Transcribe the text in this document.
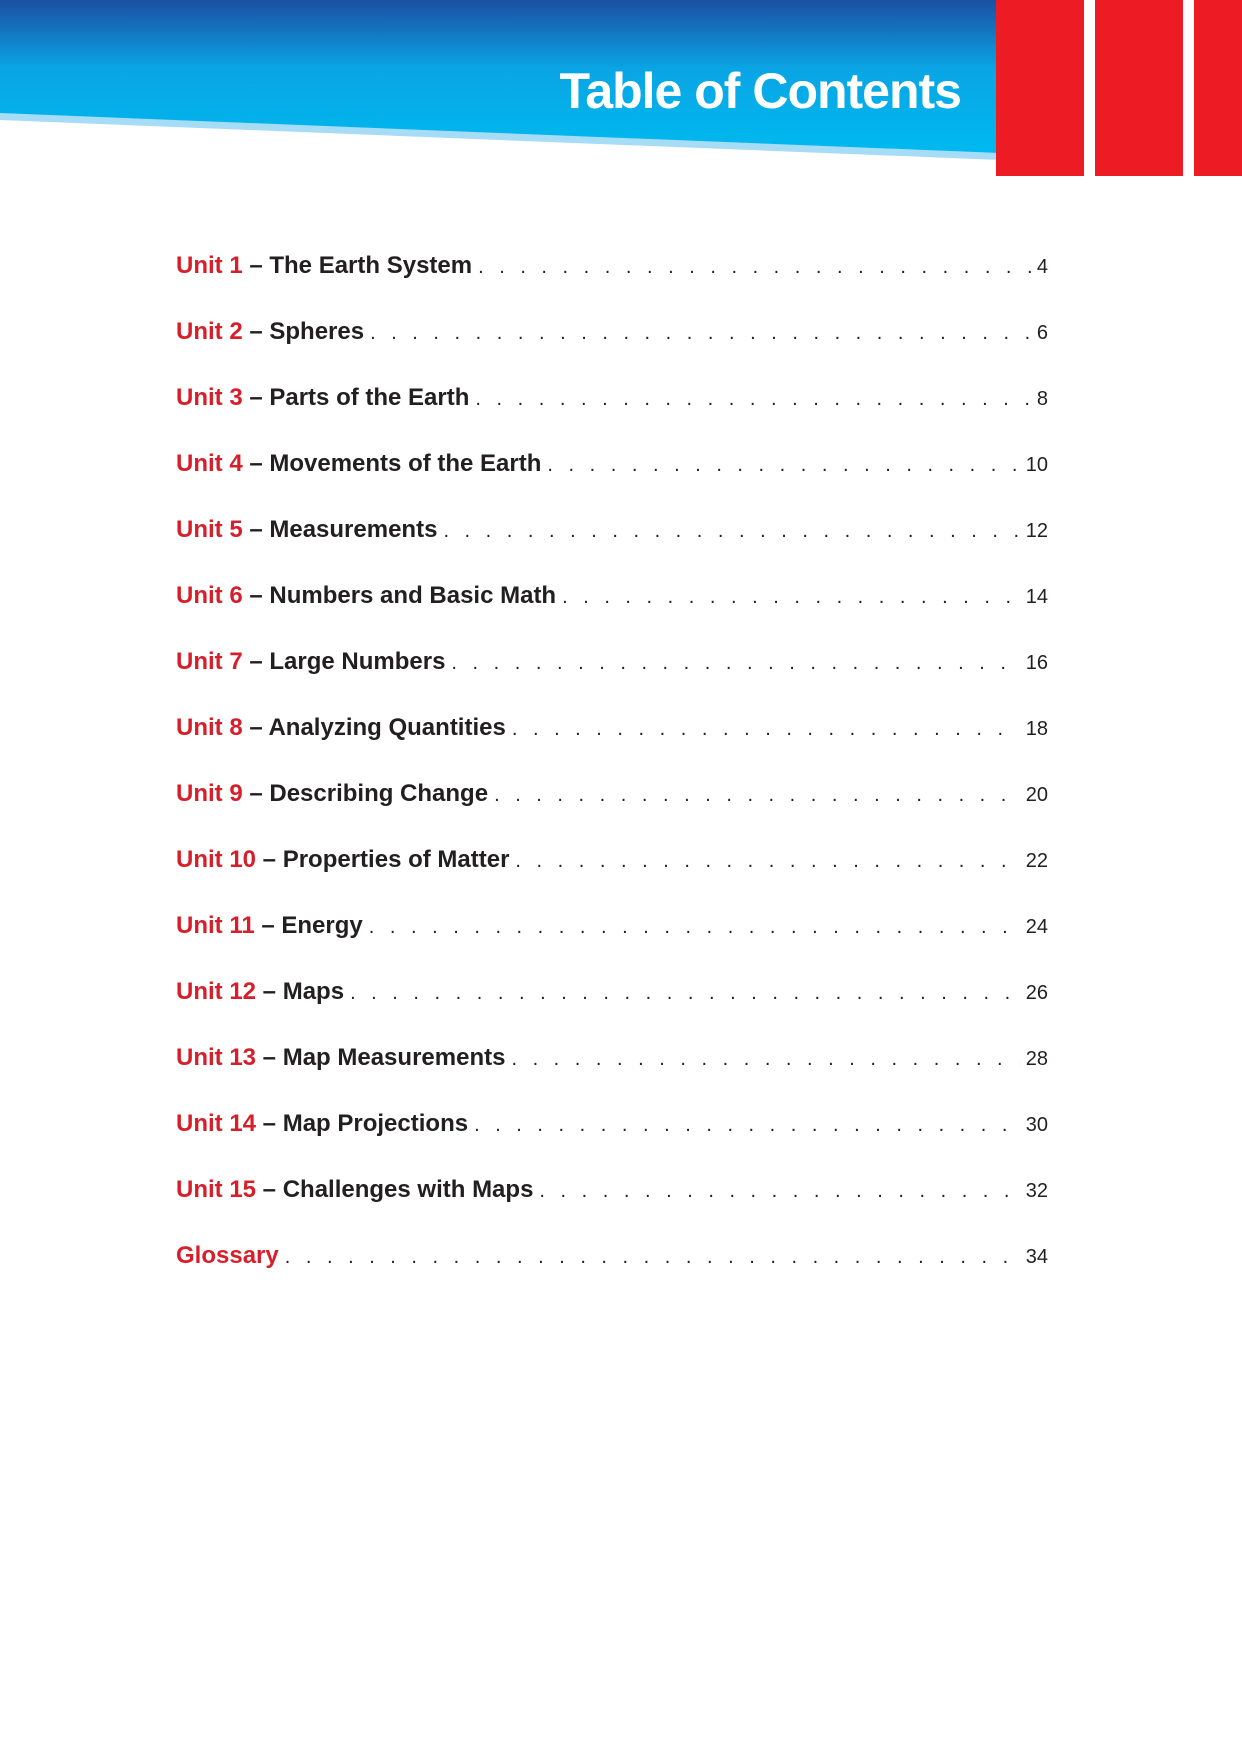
Table of Contents
Unit 1 – The Earth System . . .	4
Unit 2 – Spheres . . .	6
Unit 3 – Parts of the Earth . . .	8
Unit 4 – Movements of the Earth . . .	10
Unit 5 – Measurements . . .	12
Unit 6 – Numbers and Basic Math . . .	14
Unit 7 – Large Numbers . . .	16
Unit 8 – Analyzing Quantities . . .	18
Unit 9 – Describing Change . . .	20
Unit 10 – Properties of Matter . . .	22
Unit 11 – Energy . . .	24
Unit 12 – Maps . . .	26
Unit 13 – Map Measurements . . .	28
Unit 14 – Map Projections . . .	30
Unit 15 – Challenges with Maps . . .	32
Glossary . . .	34
